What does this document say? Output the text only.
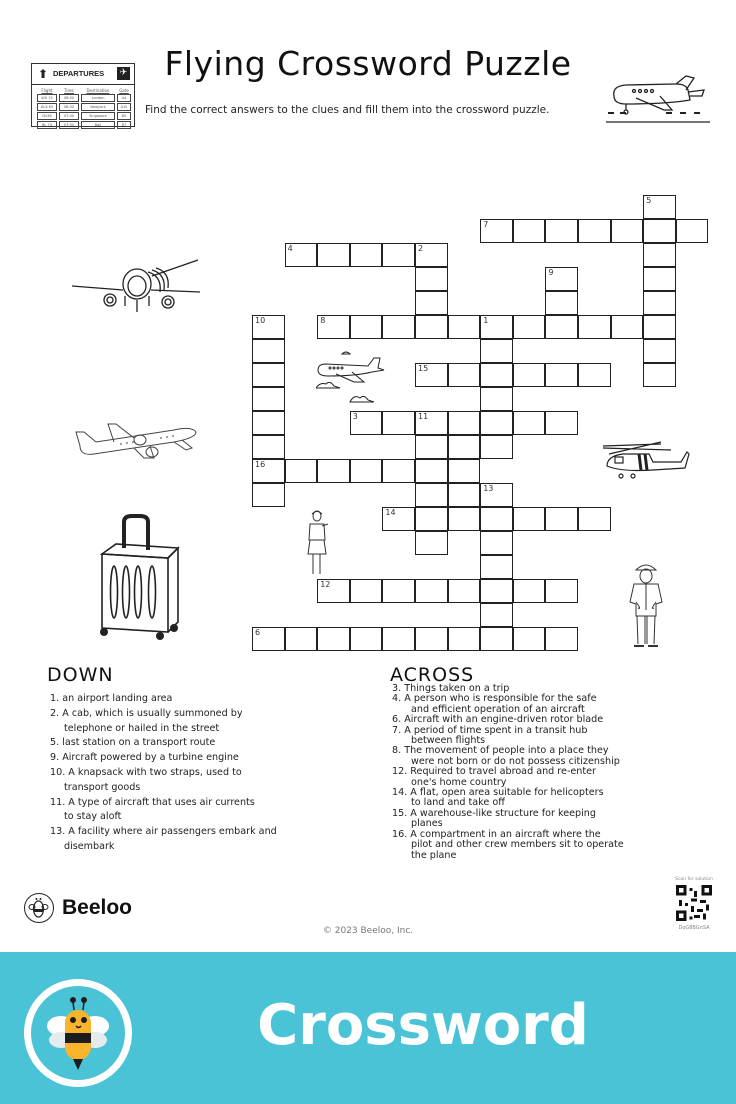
Flying Crossword Puzzle
Find the correct answers to the clues and fill them into the crossword puzzle.
⬆ DEPARTURES	✈
Flight	Time	Destination	Gate
WX 15	08:00	London	A4
ALX 63	08:30	Newyork	A10
Dx38	07:00	Singapore	B5
BL 74	07:30	Bali	B7
5
7
4	2
9
10	8	1
15
3	11
16
13
14
12
6
DOWN
1. an airport landing area
2. A cab, which is usually summoned by
telephone or hailed in the street
5. last station on a transport route
9. Aircraft powered by a turbine engine
10. A knapsack with two straps, used to
transport goods
11. A type of aircraft that uses air currents
to stay aloft
13. A facility where air passengers embark and
disembark
ACROSS
3. Things taken on a trip
4. A person who is responsible for the safe
and efficient operation of an aircraft
6. Aircraft with an engine-driven rotor blade
7. A period of time spent in a transit hub
between flights
8. The movement of people into a place they
were not born or do not possess citizenship
12. Required to travel abroad and re-enter
one's home country
14. A flat, open area suitable for helicopters
to land and take off
15. A warehouse-like structure for keeping
planes
16. A compartment in an aircraft where the
pilot and other crew members sit to operate
the plane
Beeloo
© 2023 Beeloo, Inc.
Scan for solution
DoG8BGnSA
Crossword
